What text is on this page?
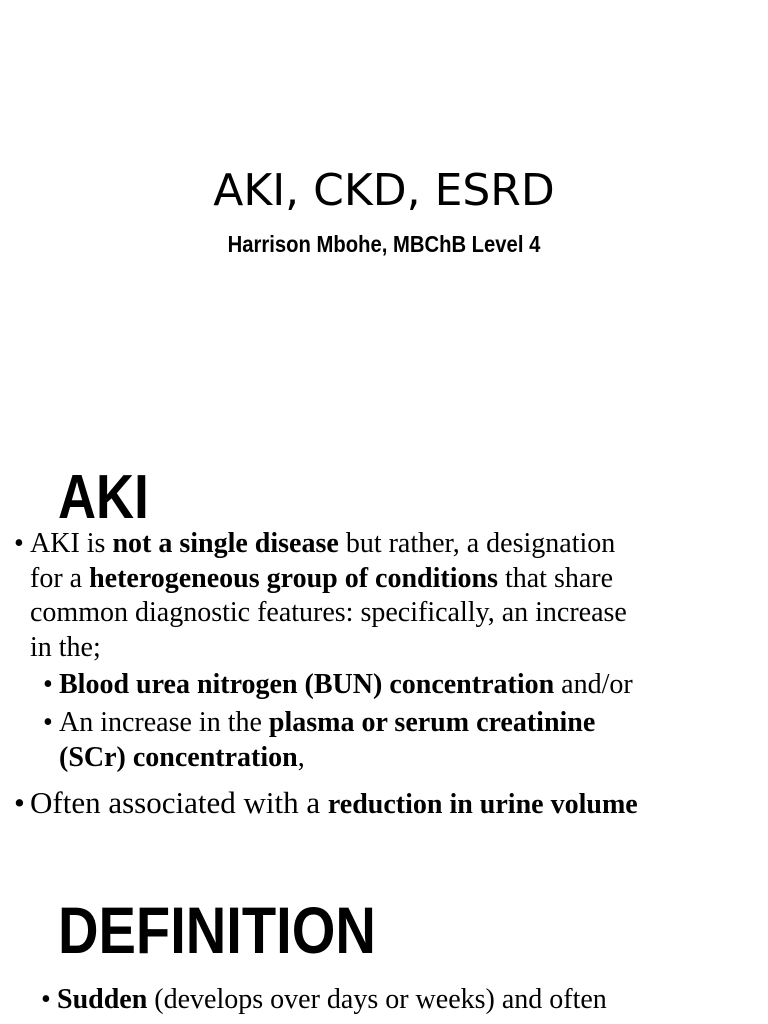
AKI, CKD, ESRD
Harrison Mbohe, MBChB Level 4
AKI
• AKI is not a single disease but rather, a designation
for a heterogeneous group of conditions that share
common diagnostic features: specifically, an increase
in the;
• Blood urea nitrogen (BUN) concentration and/or
• An increase in the plasma or serum creatinine
(SCr) concentration,
• Often associated with a reduction in urine volume
DEFINITION
• Sudden (develops over days or weeks) and often
